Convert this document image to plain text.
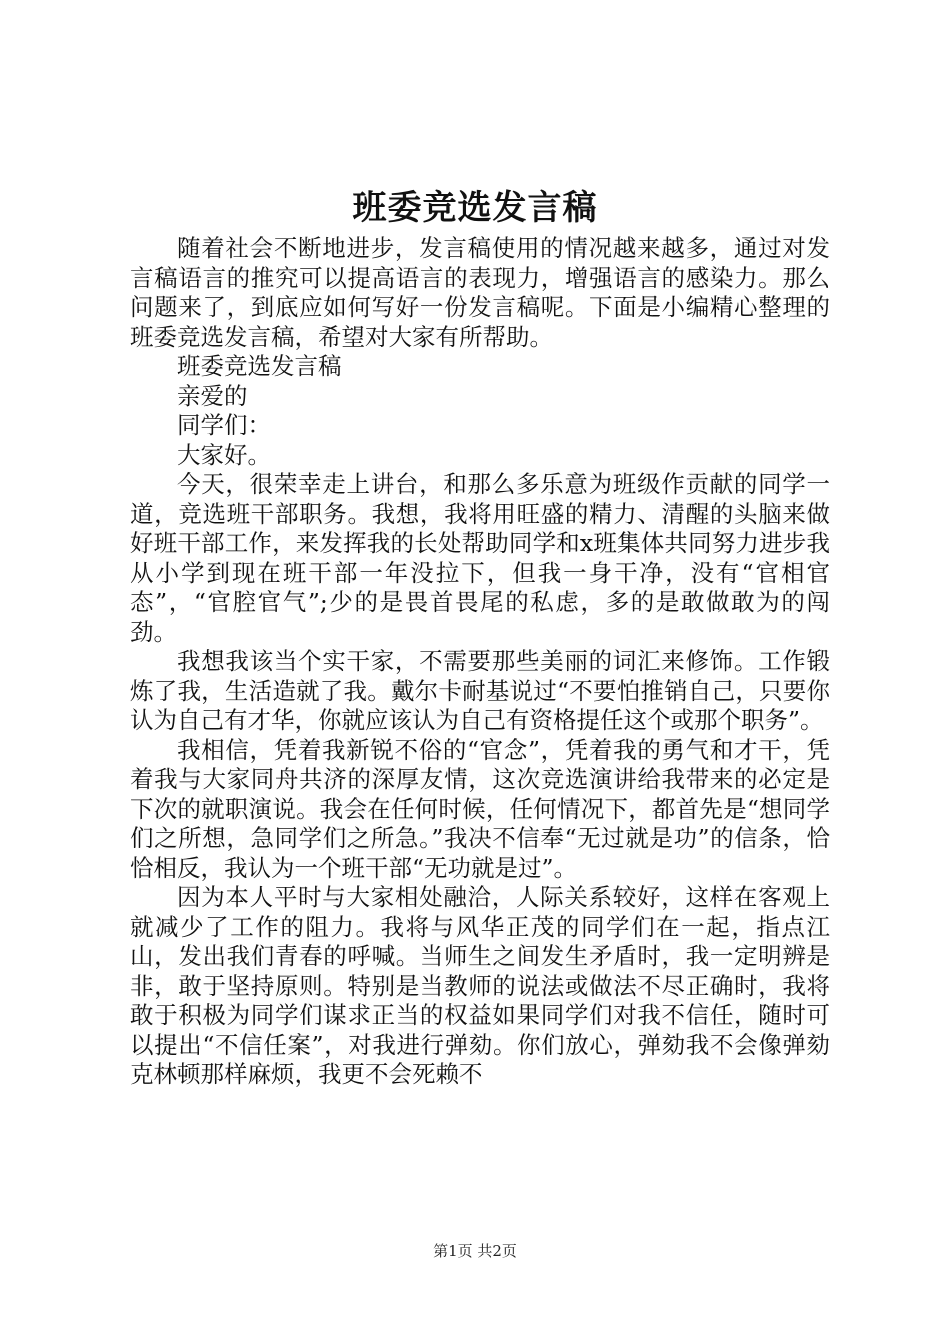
班委竞选发言稿

随着社会不断地进步，发言稿使用的情况越来越多，通过对发言稿语言的推究可以提高语言的表现力，增强语言的感染力。那么问题来了，到底应如何写好一份发言稿呢。下面是小编精心整理的班委竞选发言稿，希望对大家有所帮助。

班委竞选发言稿

亲爱的

同学们：

大家好。

今天，很荣幸走上讲台，和那么多乐意为班级作贡献的同学一道，竞选班干部职务。我想，我将用旺盛的精力、清醒的头脑来做好班干部工作，来发挥我的长处帮助同学和x班集体共同努力进步我从小学到现在班干部一年没拉下，但我一身干净，没有“官相官态”，“官腔官气”;少的是畏首畏尾的私虑，多的是敢做敢为的闯劲。

我想我该当个实干家，不需要那些美丽的词汇来修饰。工作锻炼了我，生活造就了我。戴尔卡耐基说过“不要怕推销自己，只要你认为自己有才华，你就应该认为自己有资格提任这个或那个职务”。

我相信，凭着我新锐不俗的“官念”，凭着我的勇气和才干，凭着我与大家同舟共济的深厚友情，这次竞选演讲给我带来的必定是下次的就职演说。我会在任何时候，任何情况下，都首先是“想同学们之所想，急同学们之所急。”我决不信奉“无过就是功”的信条，恰恰相反，我认为一个班干部“无功就是过”。

因为本人平时与大家相处融洽，人际关系较好，这样在客观上就减少了工作的阻力。我将与风华正茂的同学们在一起，指点江山，发出我们青春的呼喊。当师生之间发生矛盾时，我一定明辨是非，敢于坚持原则。特别是当教师的说法或做法不尽正确时，我将敢于积极为同学们谋求正当的权益如果同学们对我不信任，随时可以提出“不信任案”，对我进行弹劾。你们放心，弹劾我不会像弹劾克林顿那样麻烦，我更不会死赖不

第1页 共2页
